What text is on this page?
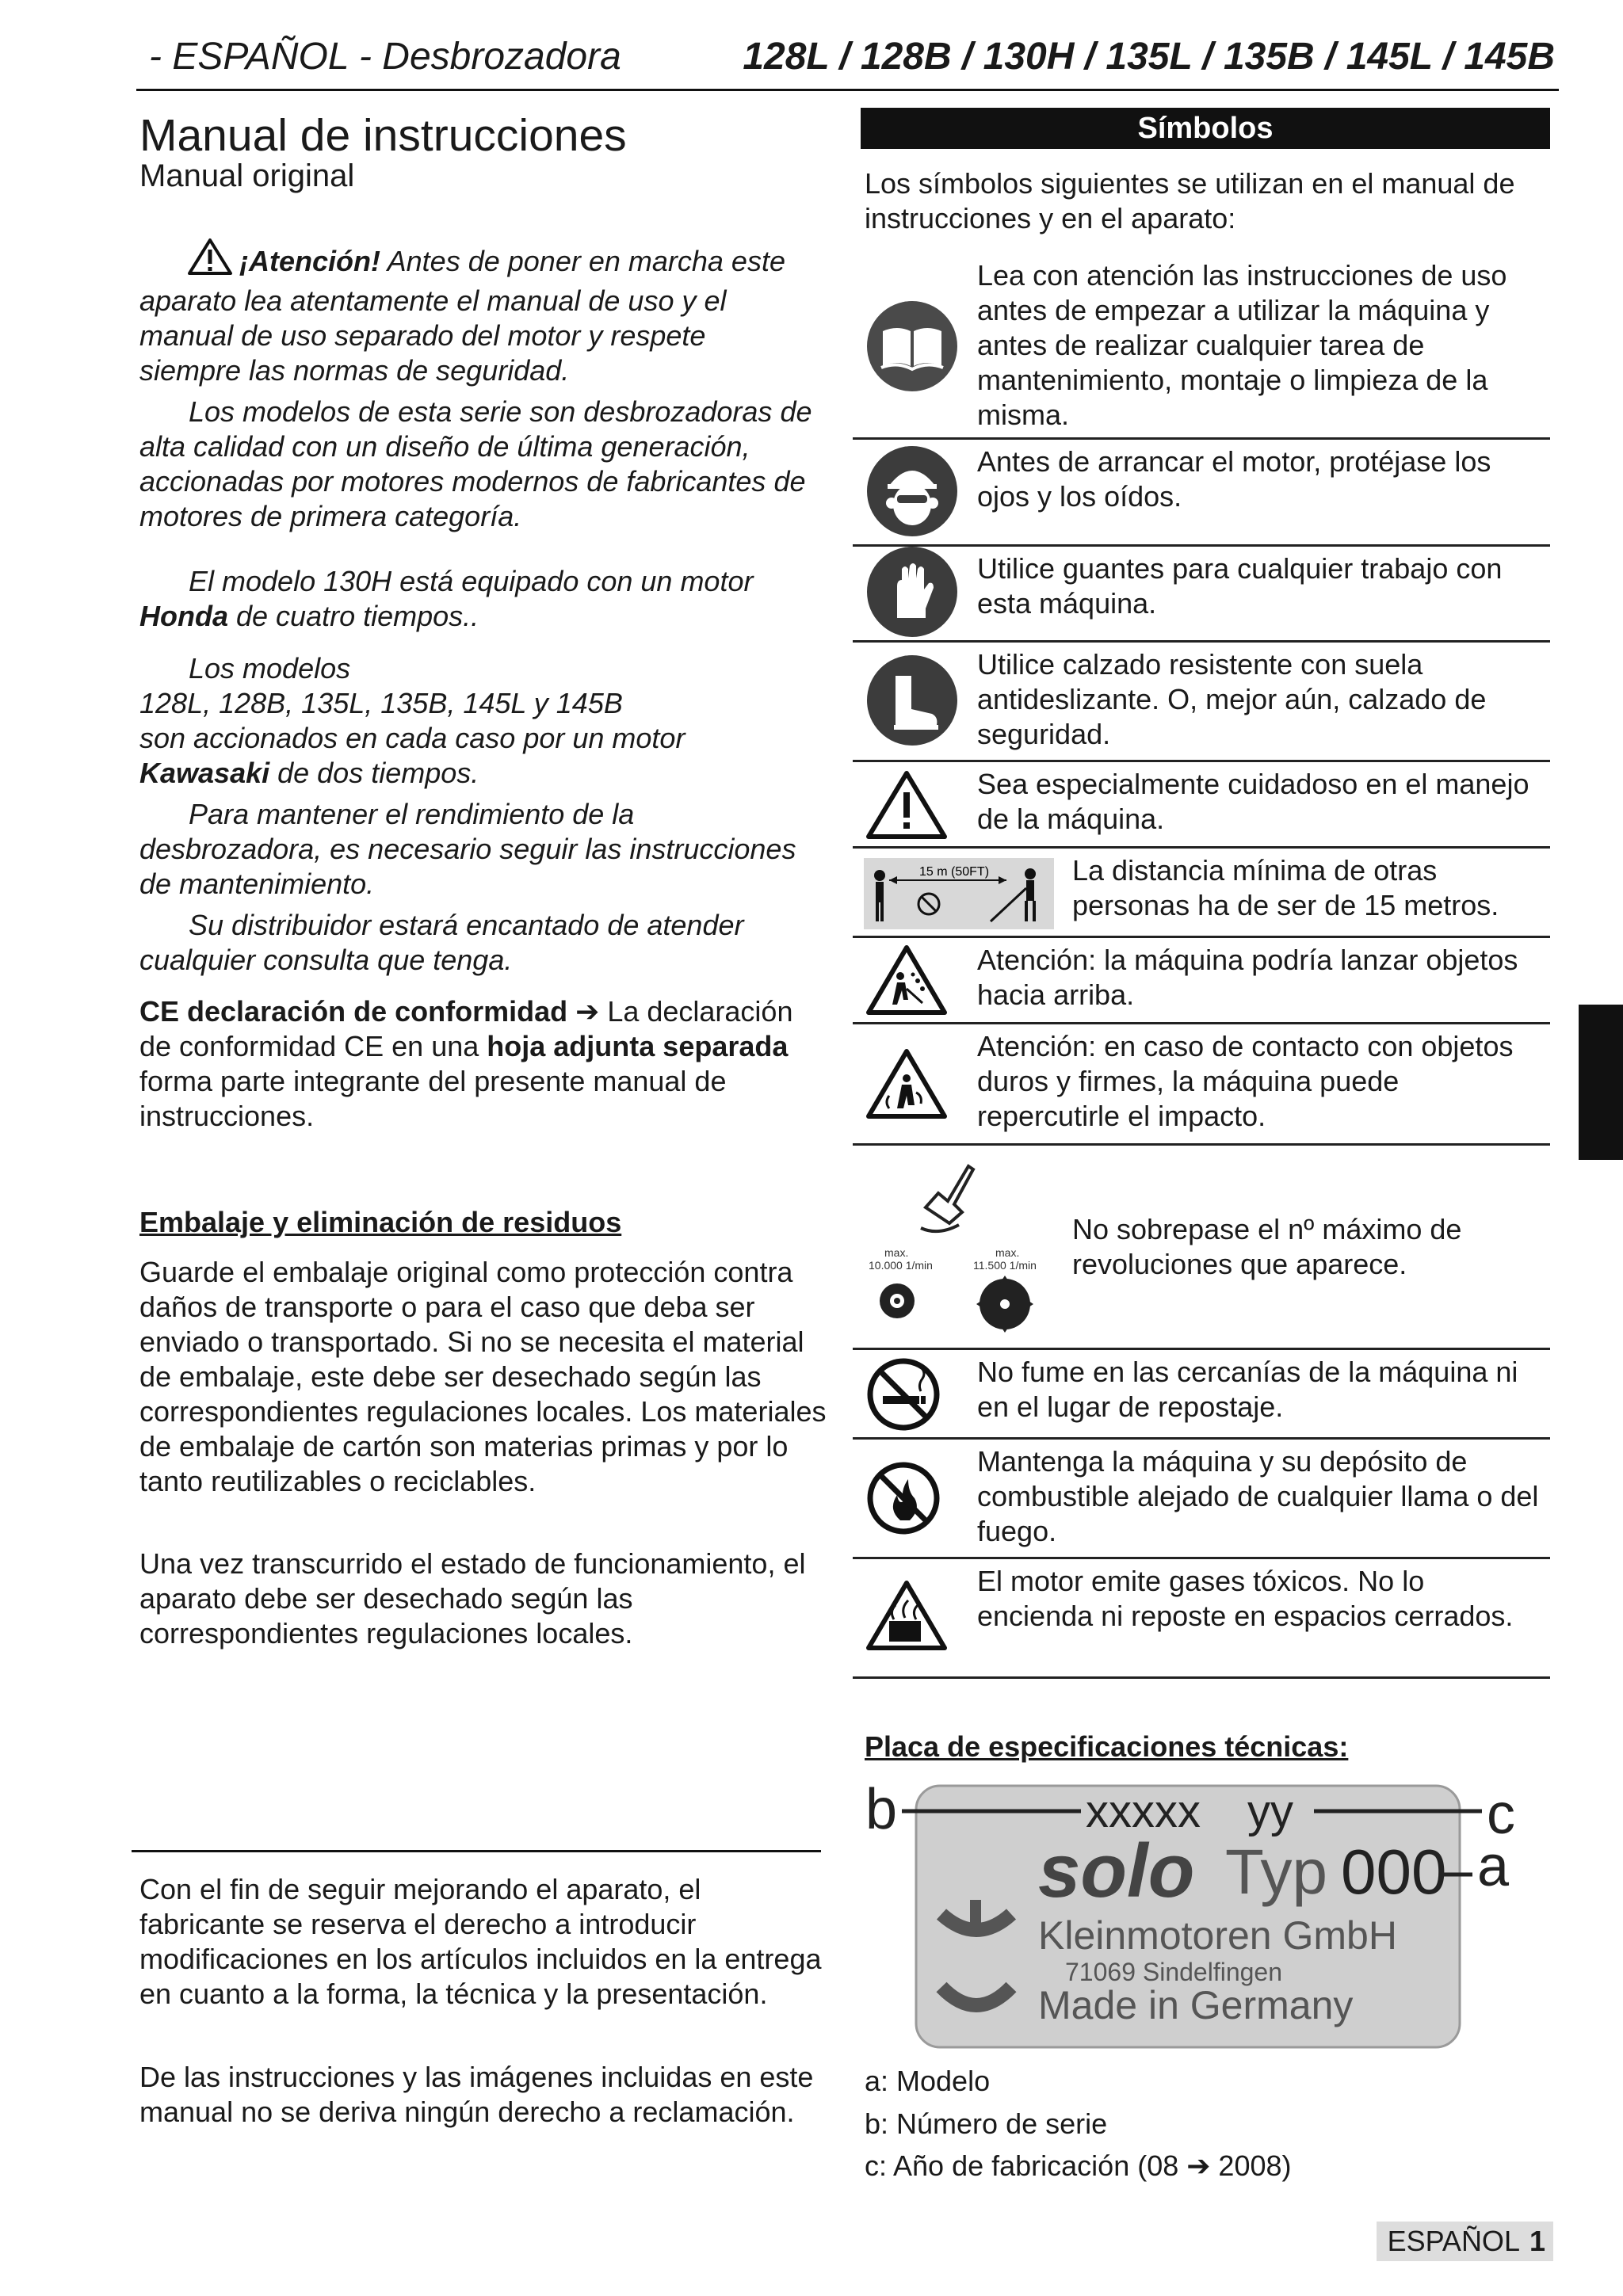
- ESPAÑOL - Desbrozadora	128L / 128B / 130H / 135L / 135B / 145L / 145B
Manual de instrucciones
Manual original

¡Atención! Antes de poner en marcha este aparato lea atentamente el manual de uso y el manual de uso separado del motor y respete siempre las normas de seguridad.

Los modelos de esta serie son desbrozadoras de alta calidad con un diseño de última generación, accionadas por motores modernos de fabricantes de motores de primera categoría.

El modelo 130H está equipado con un motor Honda de cuatro tiempos..

Los modelos
128L, 128B, 135L, 135B, 145L y 145B
son accionados en cada caso por un motor
Kawasaki de dos tiempos.

Para mantener el rendimiento de la desbrozadora, es necesario seguir las instrucciones de mantenimiento.

Su distribuidor estará encantado de atender cualquier consulta que tenga.

CE declaración de conformidad ➔ La declaración de conformidad CE en una hoja adjunta separada forma parte integrante del presente manual de instrucciones.
Embalaje y eliminación de residuos

Guarde el embalaje original como protección contra daños de transporte o para el caso que deba ser enviado o transportado. Si no se necesita el material de embalaje, este debe ser desechado según las correspondientes regulaciones locales. Los materiales de embalaje de cartón son materias primas y por lo tanto reutilizables o reciclables.

Una vez transcurrido el estado de funcionamiento, el aparato debe ser desechado según las correspondientes regulaciones locales.

Con el fin de seguir mejorando el aparato, el fabricante se reserva el derecho a introducir modificaciones en los artículos incluidos en la entrega en cuanto a la forma, la técnica y la presentación.

De las instrucciones y las imágenes incluidas en este manual no se deriva ningún derecho a reclamación.

Símbolos
Los símbolos siguientes se utilizan en el manual de instrucciones y en el aparato:
Lea con atención las instrucciones de uso antes de empezar a utilizar la máquina y antes de realizar cualquier tarea de mantenimiento, montaje o limpieza de la misma.
Antes de arrancar el motor, protéjase los ojos y los oídos.
Utilice guantes para cualquier trabajo con esta máquina.
Utilice calzado resistente con suela antideslizante. O, mejor aún, calzado de seguridad.
Sea especialmente cuidadoso en el manejo de la máquina.
15 m (50FT)	La distancia mínima de otras personas ha de ser de 15 metros.
Atención: la máquina podría lanzar objetos hacia arriba.
Atención: en caso de contacto con objetos duros y firmes, la máquina puede repercutirle el impacto.
max.
10.000 1/min
max.
11.500 1/min
No sobrepase el nº máximo de revoluciones que aparece.
No fume en las cercanías de la máquina ni en el lugar de repostaje.
Mantenga la máquina y su depósito de combustible alejado de cualquier llama o del fuego.
El motor emite gases tóxicos. No lo encienda ni reposte en espacios cerrados.
Placa de especificaciones técnicas:
b	xxxxx yy	c
solo Typ 000 a
Kleinmotoren GmbH
71069 Sindelfingen
Made in Germany
a: Modelo
b: Número de serie
c: Año de fabricación (08 ➔ 2008)
ESPAÑOL 1
